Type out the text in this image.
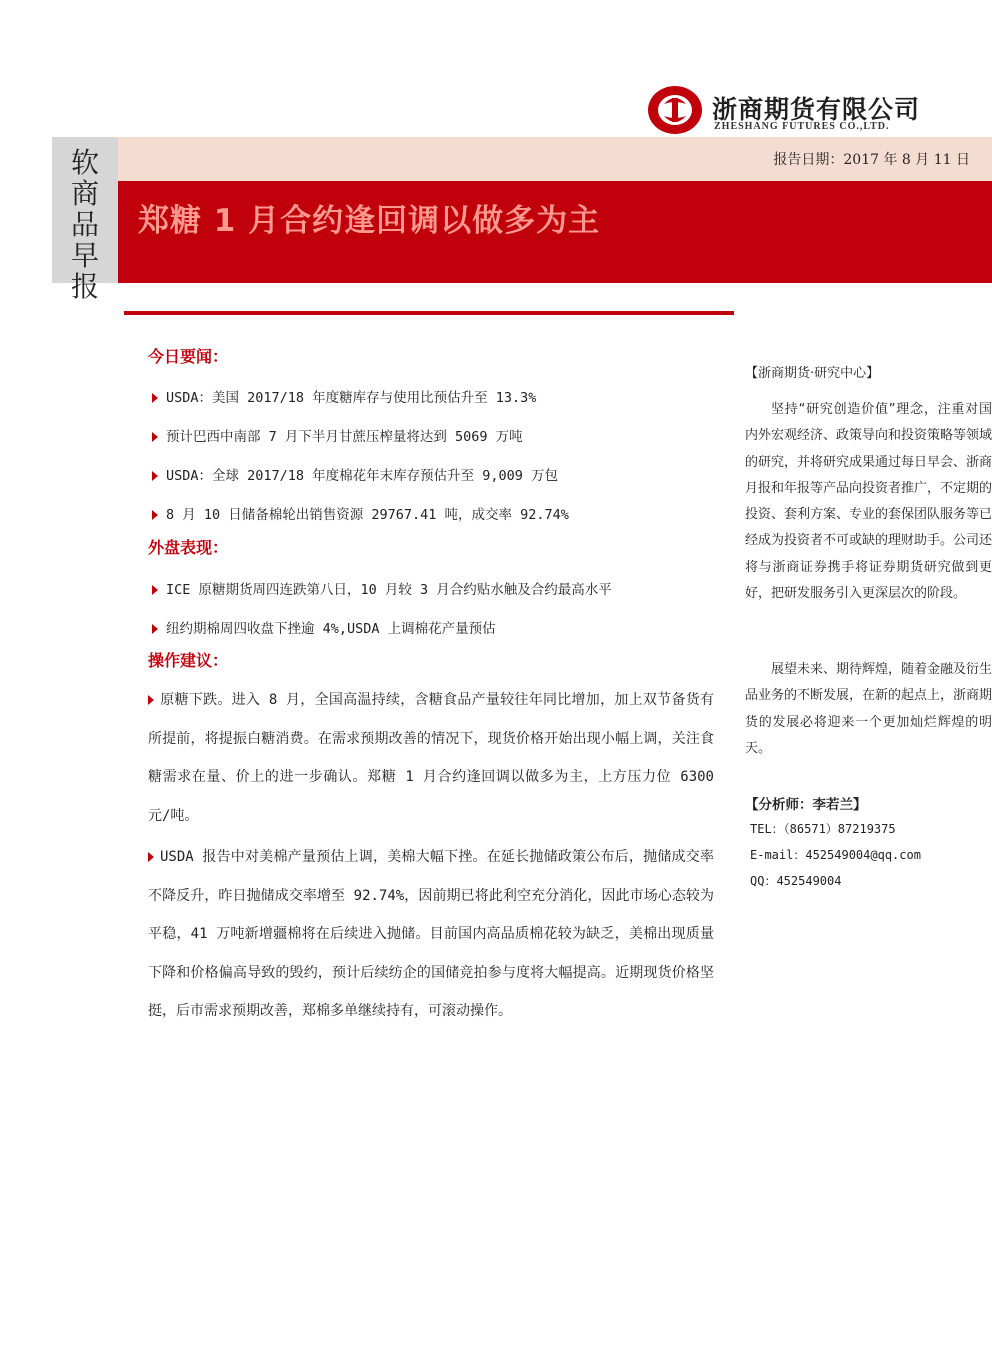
浙商期货有限公司
ZHESHANG FUTURES CO.,LTD.
软
商
品
早
报
报告日期：2017 年 8 月 11 日
郑糖 1 月合约逢回调以做多为主
今日要闻：
USDA：美国 2017/18 年度糖库存与使用比预估升至 13.3%
预计巴西中南部 7 月下半月甘蔗压榨量将达到 5069 万吨
USDA：全球 2017/18 年度棉花年末库存预估升至 9,009 万包
8 月 10 日储备棉轮出销售资源 29767.41 吨，成交率 92.74%
外盘表现：
ICE 原糖期货周四连跌第八日，10 月较 3 月合约贴水触及合约最高水平
纽约期棉周四收盘下挫逾 4%,USDA 上调棉花产量预估
操作建议：
原糖下跌。进入 8 月，全国高温持续，含糖食品产量较往年同比增加，加上双节备货有所提前，将提振白糖消费。在需求预期改善的情况下，现货价格开始出现小幅上调，关注食糖需求在量、价上的进一步确认。郑糖 1 月合约逢回调以做多为主，上方压力位 6300 元/吨。
USDA 报告中对美棉产量预估上调，美棉大幅下挫。在延长抛储政策公布后，抛储成交率不降反升，昨日抛储成交率增至 92.74%，因前期已将此利空充分消化，因此市场心态较为平稳，41 万吨新增疆棉将在后续进入抛储。目前国内高品质棉花较为缺乏，美棉出现质量下降和价格偏高导致的毁约，预计后续纺企的国储竞拍参与度将大幅提高。近期现货价格坚挺，后市需求预期改善，郑棉多单继续持有，可滚动操作。
【浙商期货·研究中心】
坚持“研究创造价值”理念，注重对国内外宏观经济、政策导向和投资策略等领域的研究，并将研究成果通过每日早会、浙商月报和年报等产品向投资者推广，不定期的投资、套利方案、专业的套保团队服务等已经成为投资者不可或缺的理财助手。公司还将与浙商证券携手将证券期货研究做到更好，把研发服务引入更深层次的阶段。
展望未来、期待辉煌，随着金融及衍生品业务的不断发展，在新的起点上，浙商期货的发展必将迎来一个更加灿烂辉煌的明天。
【分析师：李若兰】
TEL：（86571）87219375
E-mail：452549004@qq.com
QQ：452549004
